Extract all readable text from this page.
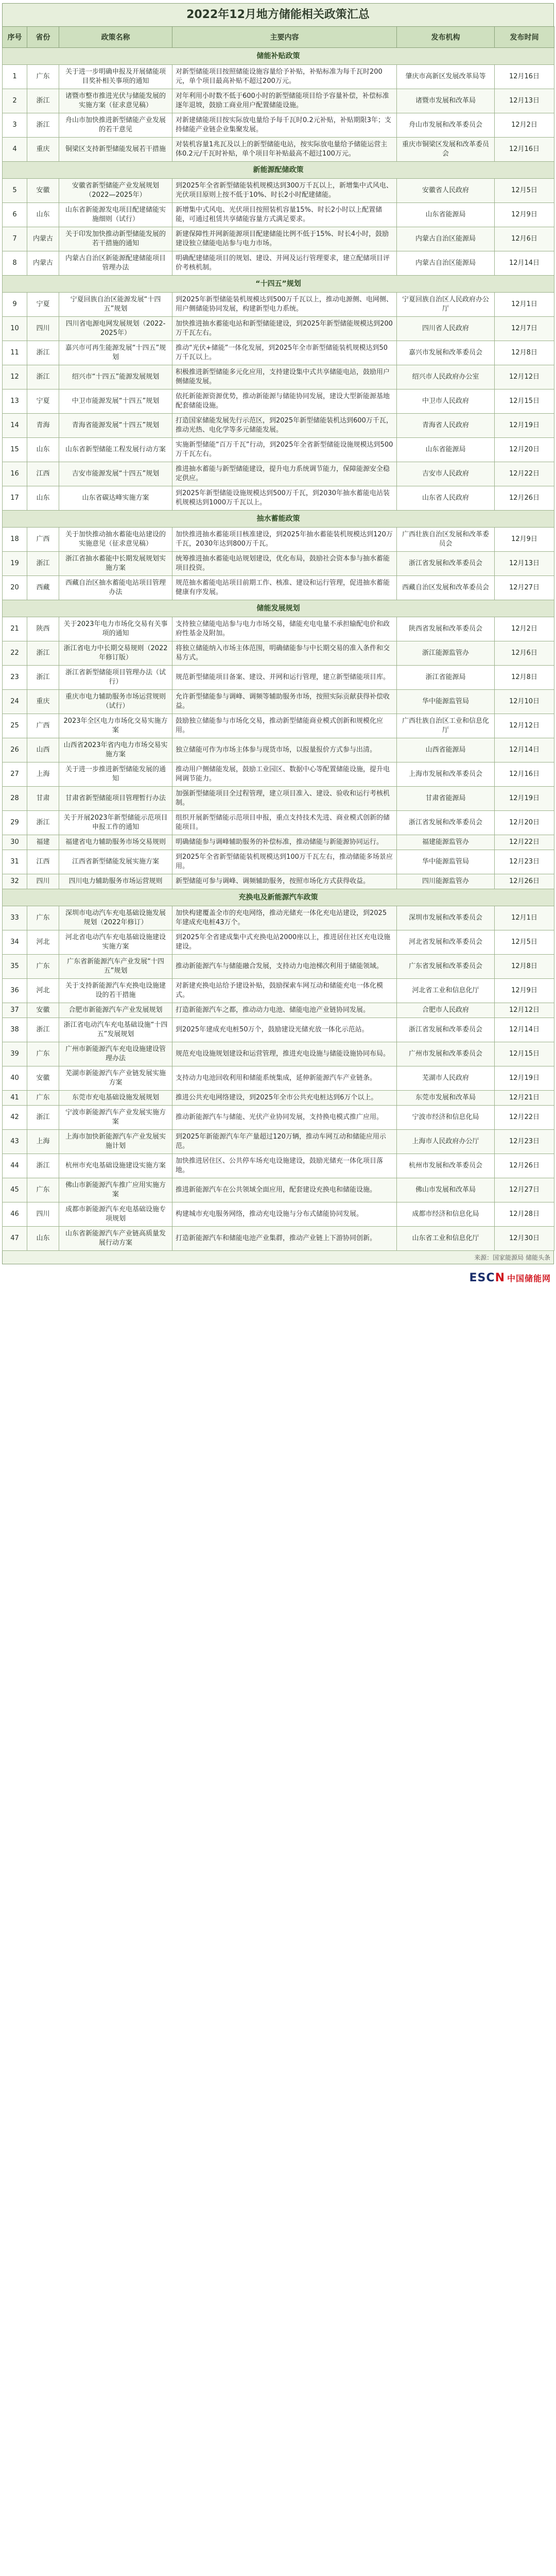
2022年12月地方储能相关政策汇总
序号	省份	政策名称	主要内容	发布机构	发布时间
储能补贴政策					
1	广东	关于进一步明确申报及开展储能项目奖补相关事项的通知	对新型储能项目按照储能设施容量给予补贴，补贴标准为每千瓦时200元，单个项目最高补贴不超过200万元。	肇庆市高新区发展改革局等	12月16日
2	浙江	诸暨市整市推进光伏与储能发展的实施方案（征求意见稿）	对年利用小时数不低于600小时的新型储能项目给予容量补偿，补偿标准逐年退坡，鼓励工商业用户配置储能设施。	诸暨市发展和改革局	12月13日
3	浙江	舟山市加快推进新型储能产业发展的若干意见	对新建储能项目按实际放电量给予每千瓦时0.2元补贴，补贴期限3年；支持储能产业链企业集聚发展。	舟山市发展和改革委员会	12月2日
4	重庆	铜梁区支持新型储能发展若干措施	对装机容量1兆瓦及以上的新型储能电站，按实际放电量给予储能运营主体0.2元/千瓦时补贴，单个项目年补贴最高不超过100万元。	重庆市铜梁区发展和改革委员会	12月16日
新能源配储政策					
5	安徽	安徽省新型储能产业发展规划（2022—2025年）	到2025年全省新型储能装机规模达到300万千瓦以上，新增集中式风电、光伏项目原则上按不低于10%、时长2小时配建储能。	安徽省人民政府	12月5日
6	山东	山东省新能源发电项目配建储能实施细则（试行）	新增集中式风电、光伏项目按照装机容量15%、时长2小时以上配置储能，可通过租赁共享储能容量方式满足要求。	山东省能源局	12月9日
7	内蒙古	关于印发加快推动新型储能发展的若干措施的通知	新建保障性并网新能源项目配建储能比例不低于15%、时长4小时，鼓励建设独立储能电站参与电力市场。	内蒙古自治区能源局	12月6日
8	内蒙古	内蒙古自治区新能源配建储能项目管理办法	明确配建储能项目的规划、建设、并网及运行管理要求，建立配储项目评价考核机制。	内蒙古自治区能源局	12月14日
“十四五”规划					
9	宁夏	宁夏回族自治区能源发展“十四五”规划	到2025年新型储能装机规模达到500万千瓦以上，推动电源侧、电网侧、用户侧储能协同发展，构建新型电力系统。	宁夏回族自治区人民政府办公厅	12月1日
10	四川	四川省电源电网发展规划（2022-2025年）	加快推进抽水蓄能电站和新型储能建设，到2025年新型储能规模达到200万千瓦左右。	四川省人民政府	12月7日
11	浙江	嘉兴市可再生能源发展“十四五”规划	推动“光伏+储能”一体化发展，到2025年全市新型储能装机规模达到50万千瓦以上。	嘉兴市发展和改革委员会	12月8日
12	浙江	绍兴市“十四五”能源发展规划	积极推进新型储能多元化应用，支持建设集中式共享储能电站，鼓励用户侧储能发展。	绍兴市人民政府办公室	12月12日
13	宁夏	中卫市能源发展“十四五”规划	依托新能源资源优势，推动新能源与储能协同发展，建设大型新能源基地配套储能设施。	中卫市人民政府	12月15日
14	青海	青海省能源发展“十四五”规划	打造国家储能发展先行示范区，到2025年新型储能装机达到600万千瓦，推动光热、电化学等多元储能发展。	青海省人民政府	12月19日
15	山东	山东省新型储能工程发展行动方案	实施新型储能“百万千瓦”行动，到2025年全省新型储能设施规模达到500万千瓦左右。	山东省能源局	12月20日
16	江西	吉安市能源发展“十四五”规划	推进抽水蓄能与新型储能建设，提升电力系统调节能力，保障能源安全稳定供应。	吉安市人民政府	12月22日
17	山东	山东省碳达峰实施方案	到2025年新型储能设施规模达到500万千瓦，到2030年抽水蓄能电站装机规模达到1000万千瓦以上。	山东省人民政府	12月26日
抽水蓄能政策					
18	广西	关于加快推动抽水蓄能电站建设的实施意见（征求意见稿）	加快推进抽水蓄能项目核准建设，到2025年抽水蓄能装机规模达到120万千瓦，2030年达到800万千瓦。	广西壮族自治区发展和改革委员会	12月9日
19	浙江	浙江省抽水蓄能中长期发展规划实施方案	统筹推进抽水蓄能电站规划建设，优化布局，鼓励社会资本参与抽水蓄能项目投资。	浙江省发展和改革委员会	12月13日
20	西藏	西藏自治区抽水蓄能电站项目管理办法	规范抽水蓄能电站项目前期工作、核准、建设和运行管理，促进抽水蓄能健康有序发展。	西藏自治区发展和改革委员会	12月27日
储能发展规划					
21	陕西	关于2023年电力市场化交易有关事项的通知	支持独立储能电站参与电力市场交易，储能充电电量不承担输配电价和政府性基金及附加。	陕西省发展和改革委员会	12月2日
22	浙江	浙江省电力中长期交易规则（2022年修订版）	将独立储能纳入市场主体范围，明确储能参与中长期交易的准入条件和交易方式。	浙江能源监管办	12月6日
23	浙江	浙江省新型储能项目管理办法（试行）	规范新型储能项目备案、建设、并网和运行管理，建立新型储能项目库。	浙江省能源局	12月8日
24	重庆	重庆市电力辅助服务市场运营规则（试行）	允许新型储能参与调峰、调频等辅助服务市场，按照实际贡献获得补偿收益。	华中能源监管局	12月10日
25	广西	2023年全区电力市场化交易实施方案	鼓励独立储能参与市场化交易，推动新型储能商业模式创新和规模化应用。	广西壮族自治区工业和信息化厅	12月12日
26	山西	山西省2023年省内电力市场交易实施方案	独立储能可作为市场主体参与现货市场，以报量报价方式参与出清。	山西省能源局	12月14日
27	上海	关于进一步推进新型储能发展的通知	推动用户侧储能发展，鼓励工业园区、数据中心等配置储能设施，提升电网调节能力。	上海市发展和改革委员会	12月16日
28	甘肃	甘肃省新型储能项目管理暂行办法	加强新型储能项目全过程管理，建立项目准入、建设、验收和运行考核机制。	甘肃省能源局	12月19日
29	浙江	关于开展2023年新型储能示范项目申报工作的通知	组织开展新型储能示范项目申报，重点支持技术先进、商业模式创新的储能项目。	浙江省发展和改革委员会	12月20日
30	福建	福建省电力辅助服务市场交易规则	明确储能参与调峰辅助服务的补偿标准，推动储能与新能源协同运行。	福建能源监管办	12月22日
31	江西	江西省新型储能发展实施方案	到2025年全省新型储能装机规模达到100万千瓦左右，推动储能多场景应用。	华中能源监管局	12月23日
32	四川	四川电力辅助服务市场运营规则	新型储能可参与调峰、调频辅助服务，按照市场化方式获得收益。	四川能源监管办	12月26日
充换电及新能源汽车政策					
33	广东	深圳市电动汽车充电基础设施发展规划（2022年修订）	加快构建覆盖全市的充电网络，推动光储充一体化充电站建设，到2025年建成充电桩43万个。	深圳市发展和改革委员会	12月1日
34	河北	河北省电动汽车充电基础设施建设实施方案	到2025年全省建成集中式充换电站2000座以上，推进居住社区充电设施建设。	河北省发展和改革委员会	12月5日
35	广东	广东省新能源汽车产业发展“十四五”规划	推动新能源汽车与储能融合发展，支持动力电池梯次利用于储能领域。	广东省发展和改革委员会	12月8日
36	河北	关于支持新能源汽车充换电设施建设的若干措施	对新建充换电站给予建设补贴，鼓励探索车网互动和储能充电一体化模式。	河北省工业和信息化厅	12月9日
37	安徽	合肥市新能源汽车产业发展规划	打造新能源汽车之都，推动动力电池、储能电池产业链协同发展。	合肥市人民政府	12月12日
38	浙江	浙江省电动汽车充电基础设施“十四五”发展规划	到2025年建成充电桩50万个，鼓励建设光储充放一体化示范站。	浙江省发展和改革委员会	12月14日
39	广东	广州市新能源汽车充电设施建设管理办法	规范充电设施规划建设和运营管理，推进充电设施与储能设施协同布局。	广州市发展和改革委员会	12月15日
40	安徽	芜湖市新能源汽车产业链发展实施方案	支持动力电池回收利用和储能系统集成，延伸新能源汽车产业链条。	芜湖市人民政府	12月19日
41	广东	东莞市充电基础设施发展规划	推进公共充电网络建设，到2025年全市公共充电桩达到6万个以上。	东莞市发展和改革局	12月21日
42	浙江	宁波市新能源汽车产业发展实施方案	推动新能源汽车与储能、光伏产业协同发展，支持换电模式推广应用。	宁波市经济和信息化局	12月22日
43	上海	上海市加快新能源汽车产业发展实施计划	到2025年新能源汽车年产量超过120万辆，推动车网互动和储能应用示范。	上海市人民政府办公厅	12月23日
44	浙江	杭州市充电基础设施建设实施方案	加快推进居住区、公共停车场充电设施建设，鼓励光储充一体化项目落地。	杭州市发展和改革委员会	12月26日
45	广东	佛山市新能源汽车推广应用实施方案	推进新能源汽车在公共领域全面应用，配套建设充换电和储能设施。	佛山市发展和改革局	12月27日
46	四川	成都市新能源汽车充电基础设施专项规划	构建城市充电服务网络，推动充电设施与分布式储能协同发展。	成都市经济和信息化局	12月28日
47	山东	山东省新能源汽车产业链高质量发展行动方案	打造新能源汽车和储能电池产业集群，推动产业链上下游协同创新。	山东省工业和信息化厅	12月30日
来源：国家能源局 储能头条
ESCN 中国储能网
